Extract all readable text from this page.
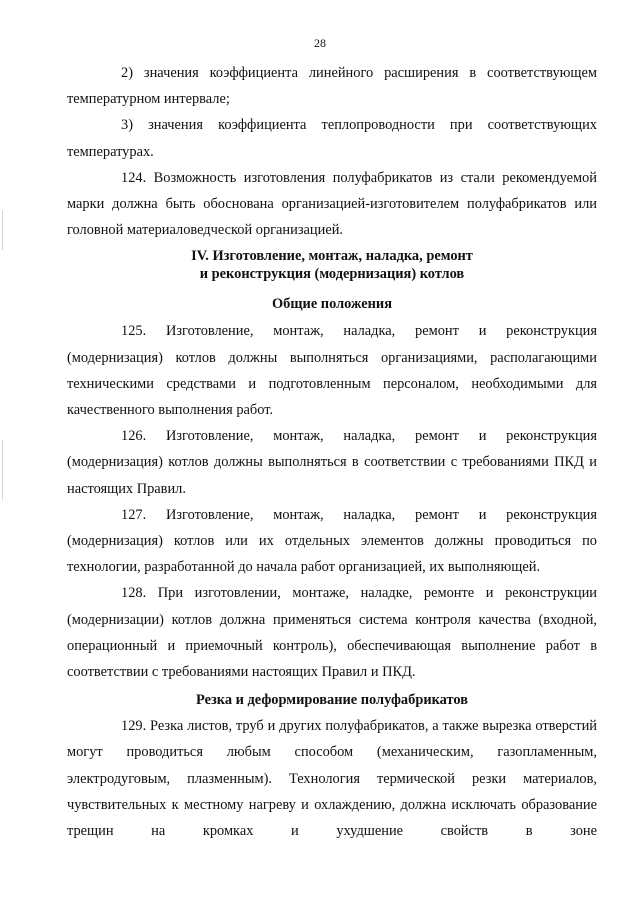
28

2) значения коэффициента линейного расширения в соответствующем температурном интервале;

3) значения коэффициента теплопроводности при соответствующих температурах.

124. Возможность изготовления полуфабрикатов из стали рекомендуемой марки должна быть обоснована организацией-изготовителем полуфабрикатов или головной материаловедческой организацией.

IV. Изготовление, монтаж, наладка, ремонт
и реконструкция (модернизация) котлов
Общие положения

125. Изготовление, монтаж, наладка, ремонт и реконструкция (модернизация) котлов должны выполняться организациями, располагающими техническими средствами и подготовленным персоналом, необходимыми для качественного выполнения работ.

126. Изготовление, монтаж, наладка, ремонт и реконструкция (модернизация) котлов должны выполняться в соответствии с требованиями ПКД и настоящих Правил.

127. Изготовление, монтаж, наладка, ремонт и реконструкция (модернизация) котлов или их отдельных элементов должны проводиться по технологии, разработанной до начала работ организацией, их выполняющей.

128. При изготовлении, монтаже, наладке, ремонте и реконструкции (модернизации) котлов должна применяться система контроля качества (входной, операционный и приемочный контроль), обеспечивающая выполнение работ в соответствии с требованиями настоящих Правил и ПКД.

Резка и деформирование полуфабрикатов

129. Резка листов, труб и других полуфабрикатов, а также вырезка отверстий могут проводиться любым способом (механическим, газопламенным, электродуговым, плазменным). Технология термической резки материалов, чувствительных к местному нагреву и охлаждению, должна исключать образование трещин на кромках и ухудшение свойств в зоне
